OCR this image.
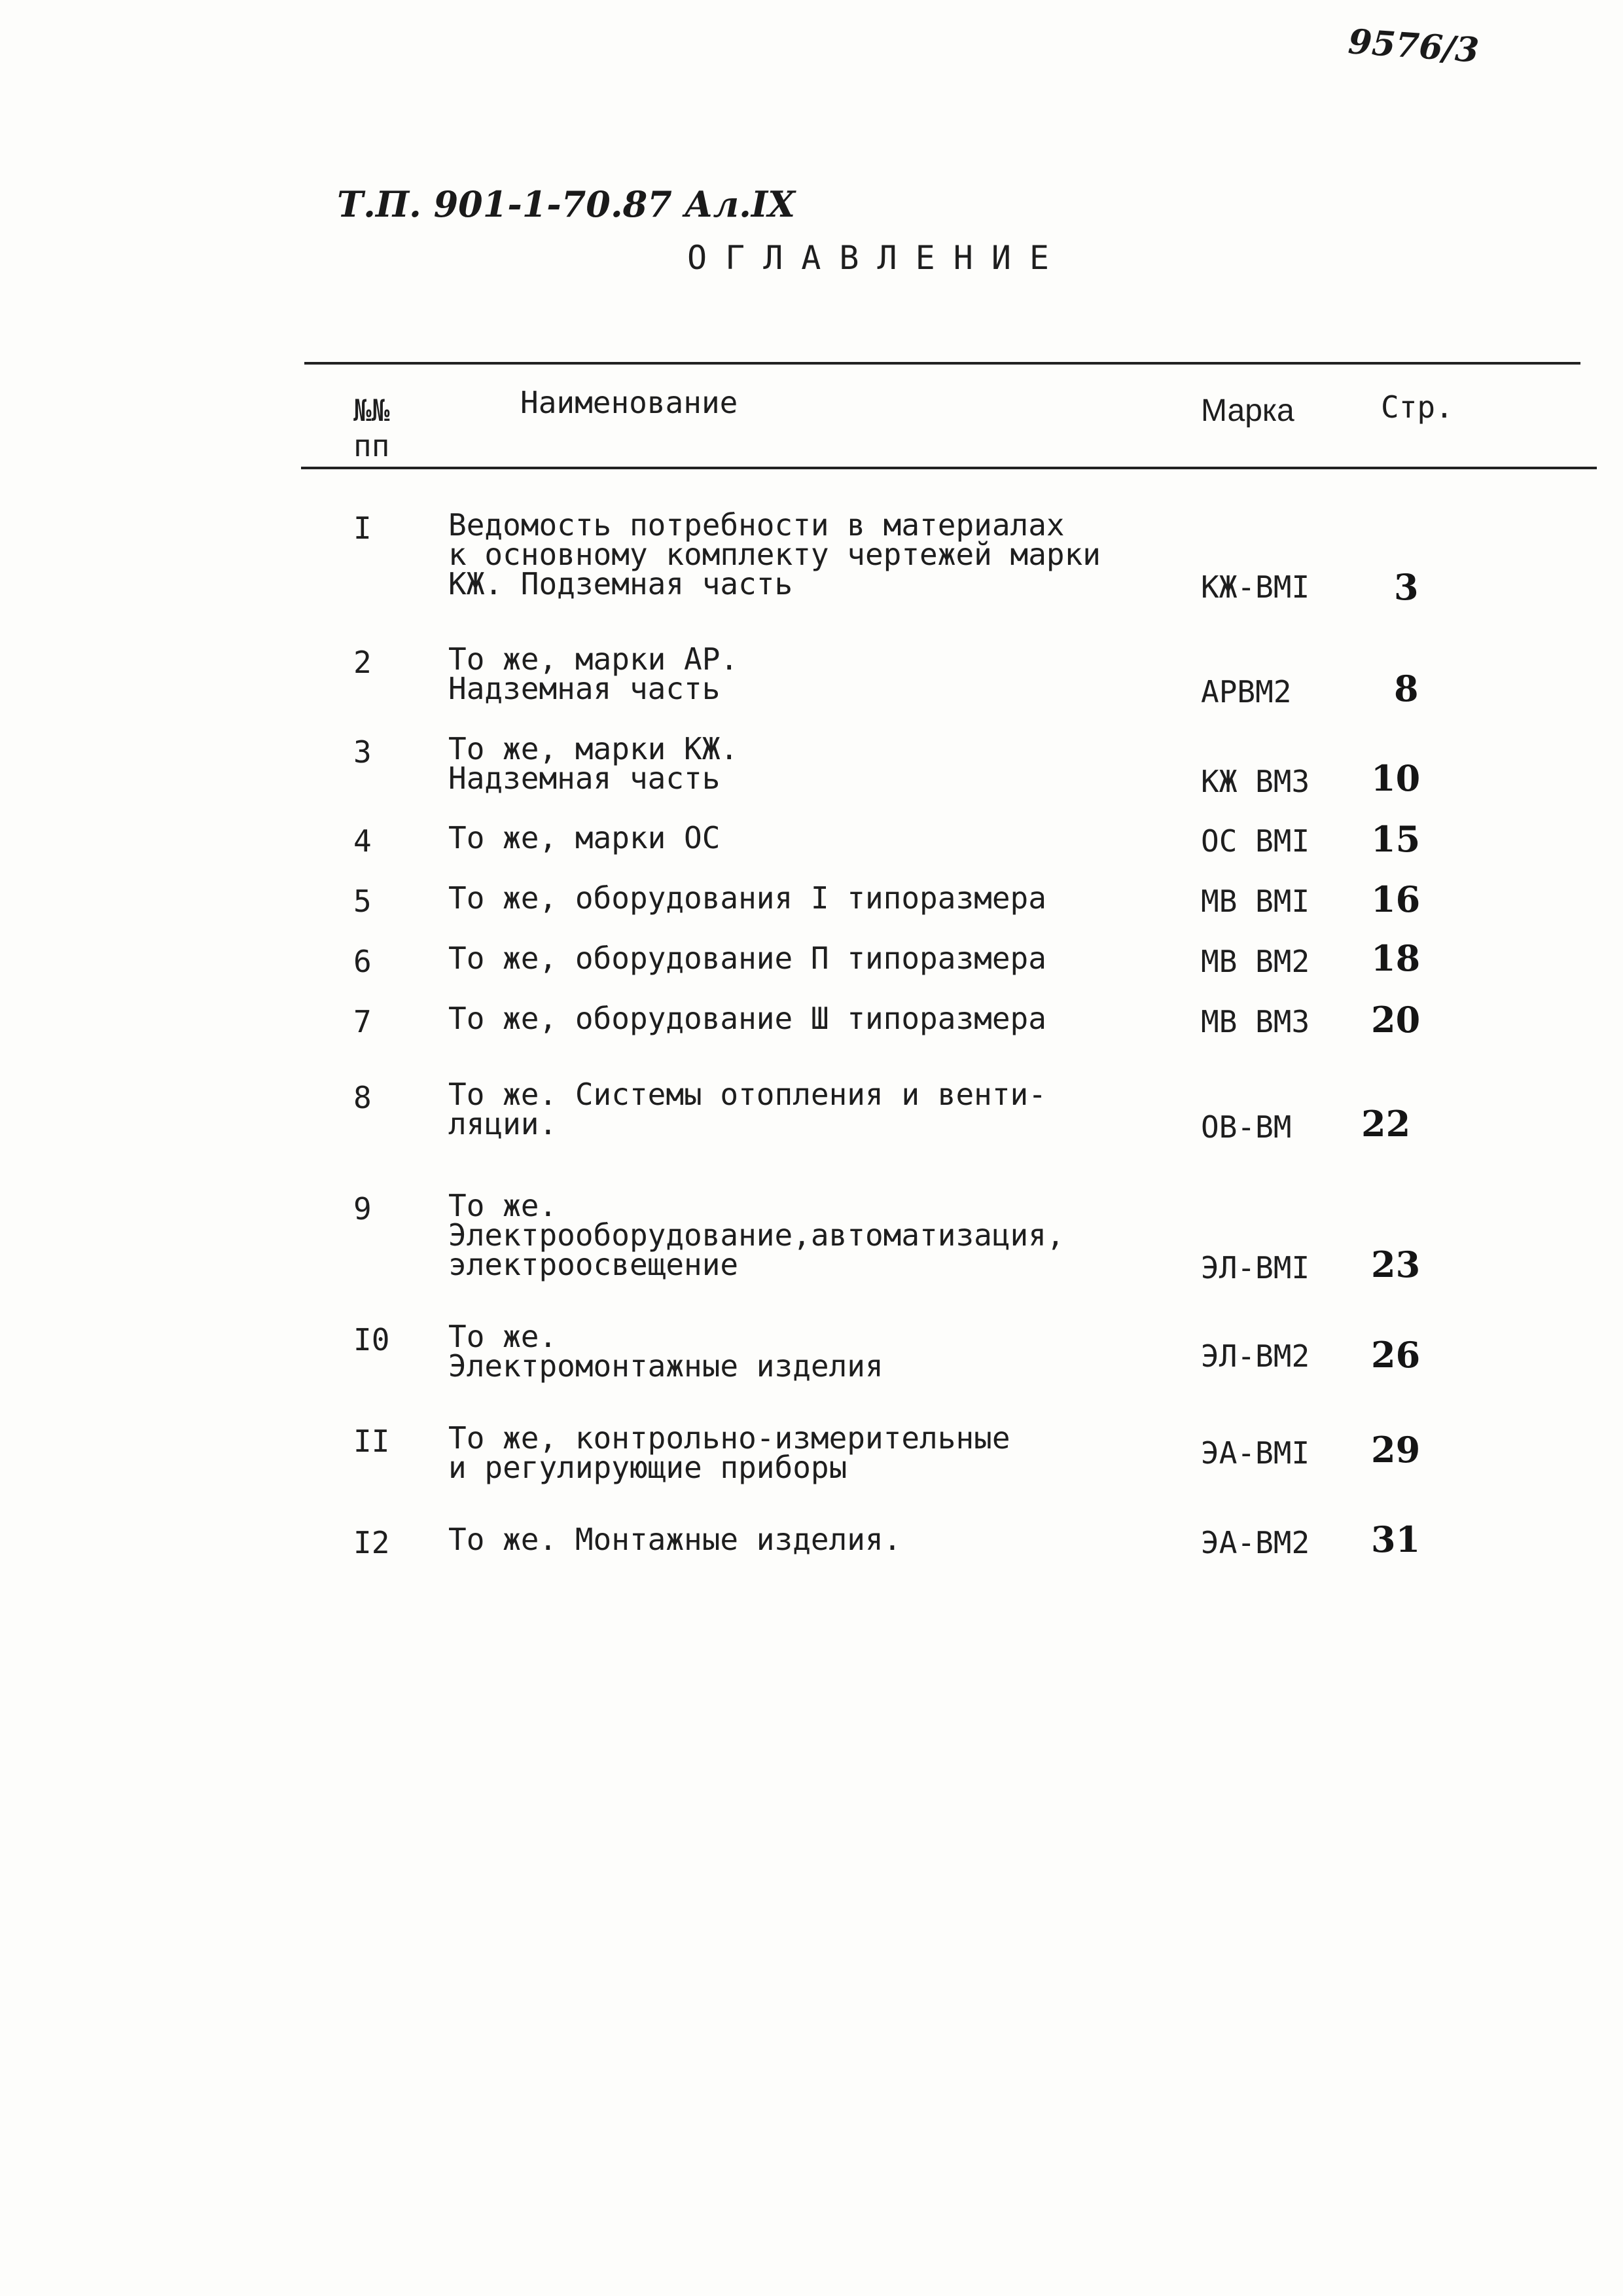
9576/3
Т.П. 901-1-70.87 Ал.IX
ОГЛАВЛЕНИЕ
№№
пп
Наименование	Марка	Стр.
I	Ведомость потребности в материалах
к основному комплекту чертежей марки
КЖ. Подземная часть	КЖ-ВМI 3
2	То же, марки АР.
Надземная часть	АРВМ2	8
3	То же, марки КЖ.
Надземная часть	КЖ ВМ3 10
4	То же, марки ОС	ОС ВМI 15
5	То же, оборудования I типоразмера	МВ ВМI 16
6	То же, оборудование П типоразмера	МВ ВМ2 18
7	То же, оборудование Ш типоразмера	МВ ВМ3 20
8	То же. Системы отопления и венти-
ляции.	ОВ-ВМ 22
9	То же.
Электрооборудование,автоматизация,
электроосвещение	ЭЛ-ВМI 23
I0 То же.
Электромонтажные изделия	ЭЛ-ВМ2 26
II То же, контрольно-измерительные
и регулирующие приборы	ЭА-ВМI 29
I2 То же. Монтажные изделия.	ЭА-ВМ2 31
